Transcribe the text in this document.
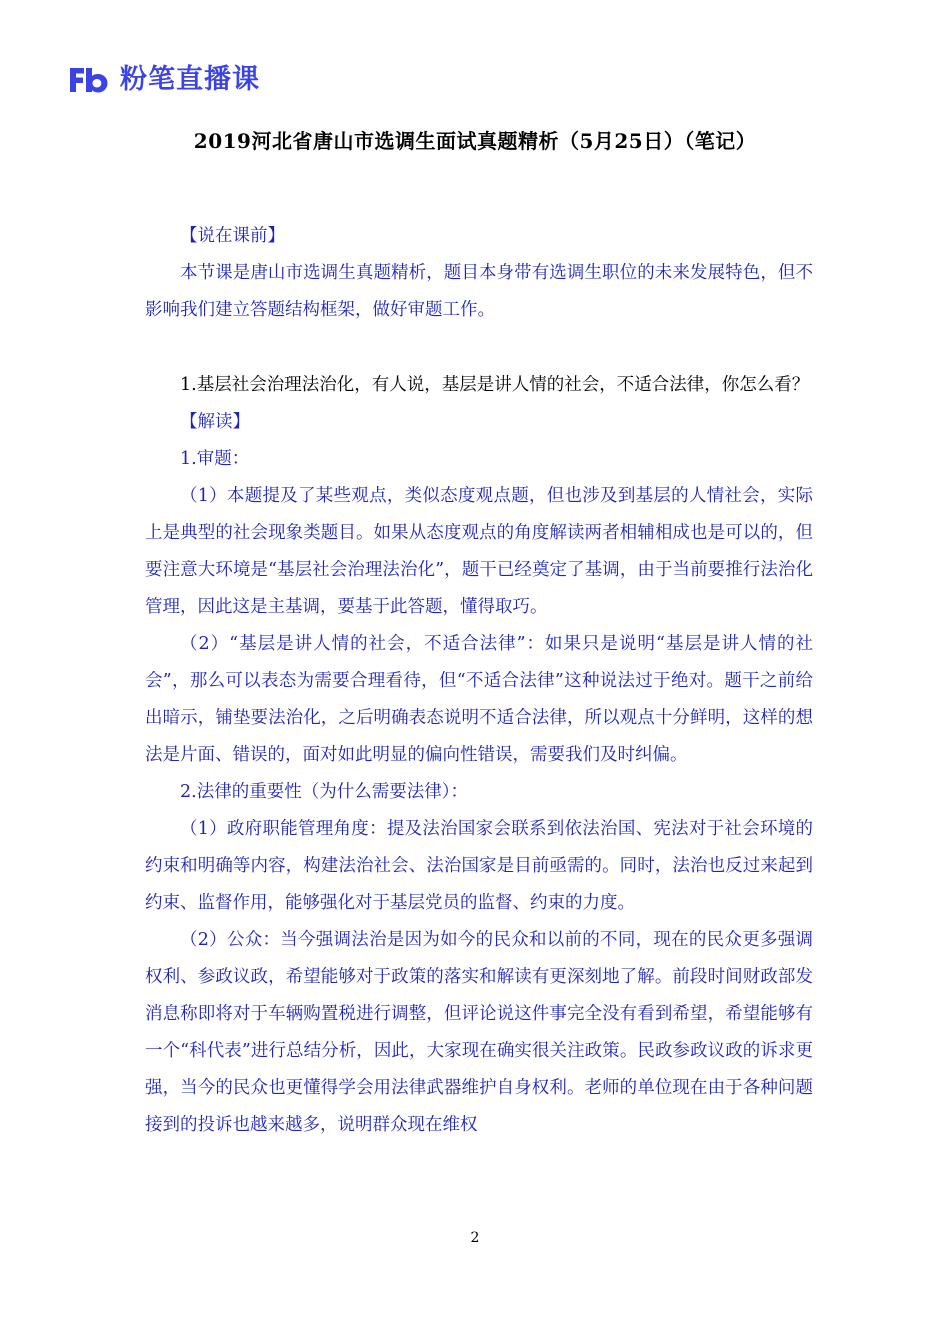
粉笔直播课
2019河北省唐山市选调生面试真题精析（5月25日）（笔记）

【说在课前】

本节课是唐山市选调生真题精析，题目本身带有选调生职位的未来发展特色，但不影响我们建立答题结构框架，做好审题工作。

1.基层社会治理法治化，有人说，基层是讲人情的社会，不适合法律，你怎么看？

【解读】

1.审题：

（1）本题提及了某些观点，类似态度观点题，但也涉及到基层的人情社会，实际上是典型的社会现象类题目。如果从态度观点的角度解读两者相辅相成也是可以的，但要注意大环境是“基层社会治理法治化”，题干已经奠定了基调，由于当前要推行法治化管理，因此这是主基调，要基于此答题，懂得取巧。

（2）“基层是讲人情的社会，不适合法律”：如果只是说明“基层是讲人情的社会”，那么可以表态为需要合理看待，但“不适合法律”这种说法过于绝对。题干之前给出暗示，铺垫要法治化，之后明确表态说明不适合法律，所以观点十分鲜明，这样的想法是片面、错误的，面对如此明显的偏向性错误，需要我们及时纠偏。

2.法律的重要性（为什么需要法律）：

（1）政府职能管理角度：提及法治国家会联系到依法治国、宪法对于社会环境的约束和明确等内容，构建法治社会、法治国家是目前亟需的。同时，法治也反过来起到约束、监督作用，能够强化对于基层党员的监督、约束的力度。

（2）公众：当今强调法治是因为如今的民众和以前的不同，现在的民众更多强调权利、参政议政，希望能够对于政策的落实和解读有更深刻地了解。前段时间财政部发消息称即将对于车辆购置税进行调整，但评论说这件事完全没有看到希望，希望能够有一个“科代表”进行总结分析，因此，大家现在确实很关注政策。民政参政议政的诉求更强，当今的民众也更懂得学会用法律武器维护自身权利。老师的单位现在由于各种问题接到的投诉也越来越多，说明群众现在维权

2
